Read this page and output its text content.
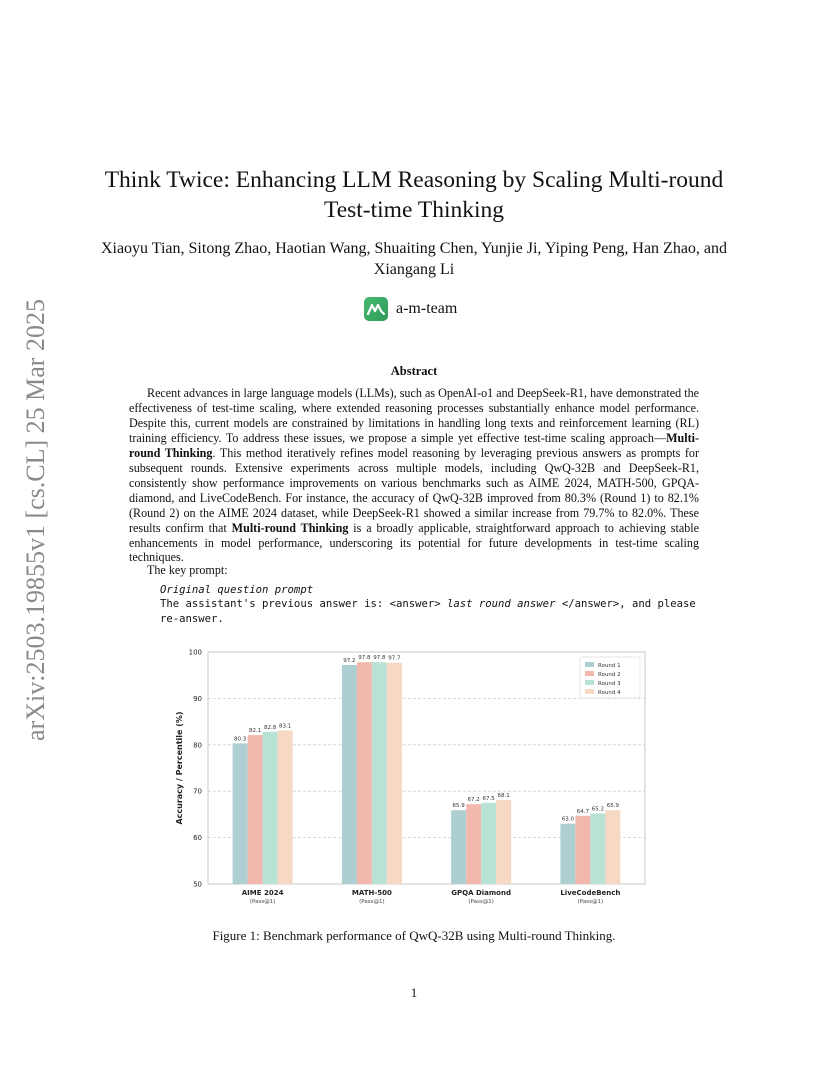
arXiv:2503.19855v1 [cs.CL] 25 Mar 2025
Think Twice: Enhancing LLM Reasoning by Scaling Multi-round Test-time Thinking
Xiaoyu Tian, Sitong Zhao, Haotian Wang, Shuaiting Chen, Yunjie Ji, Yiping Peng, Han Zhao, and Xiangang Li
a-m-team
Abstract
Recent advances in large language models (LLMs), such as OpenAI-o1 and DeepSeek-R1, have demonstrated the effectiveness of test-time scaling, where extended reasoning processes substantially enhance model performance. Despite this, current models are constrained by limitations in handling long texts and reinforcement learning (RL) training efficiency. To address these issues, we propose a simple yet effective test-time scaling approach—Multi-round Thinking. This method iteratively refines model reasoning by leveraging previous answers as prompts for subsequent rounds. Extensive experiments across multiple models, including QwQ-32B and DeepSeek-R1, consistently show performance improvements on various benchmarks such as AIME 2024, MATH-500, GPQA-diamond, and LiveCodeBench. For instance, the accuracy of QwQ-32B improved from 80.3% (Round 1) to 82.1% (Round 2) on the AIME 2024 dataset, while DeepSeek-R1 showed a similar increase from 79.7% to 82.0%. These results confirm that Multi-round Thinking is a broadly applicable, straightforward approach to achieving stable enhancements in model performance, underscoring its potential for future developments in test-time scaling techniques.
The key prompt:
Original question prompt
The assistant's previous answer is: <answer> last round answer </answer>, and please
re-answer.
50
60
70
80
90
100
Accuracy / Percentile (%)	80.3
82.1
82.8 83.1
AIME 2024
(Pass@1)
97.2 97.8 97.8 97.7
MATH-500
(Pass@1)
65.9
67.2 67.5 68.1
GPQA Diamond
(Pass@1)
63.0
64.7 65.2
65.9
LiveCodeBench
(Pass@1)
Round 1
Round 2
Round 3
Round 4
Figure 1: Benchmark performance of QwQ-32B using Multi-round Thinking.
1
